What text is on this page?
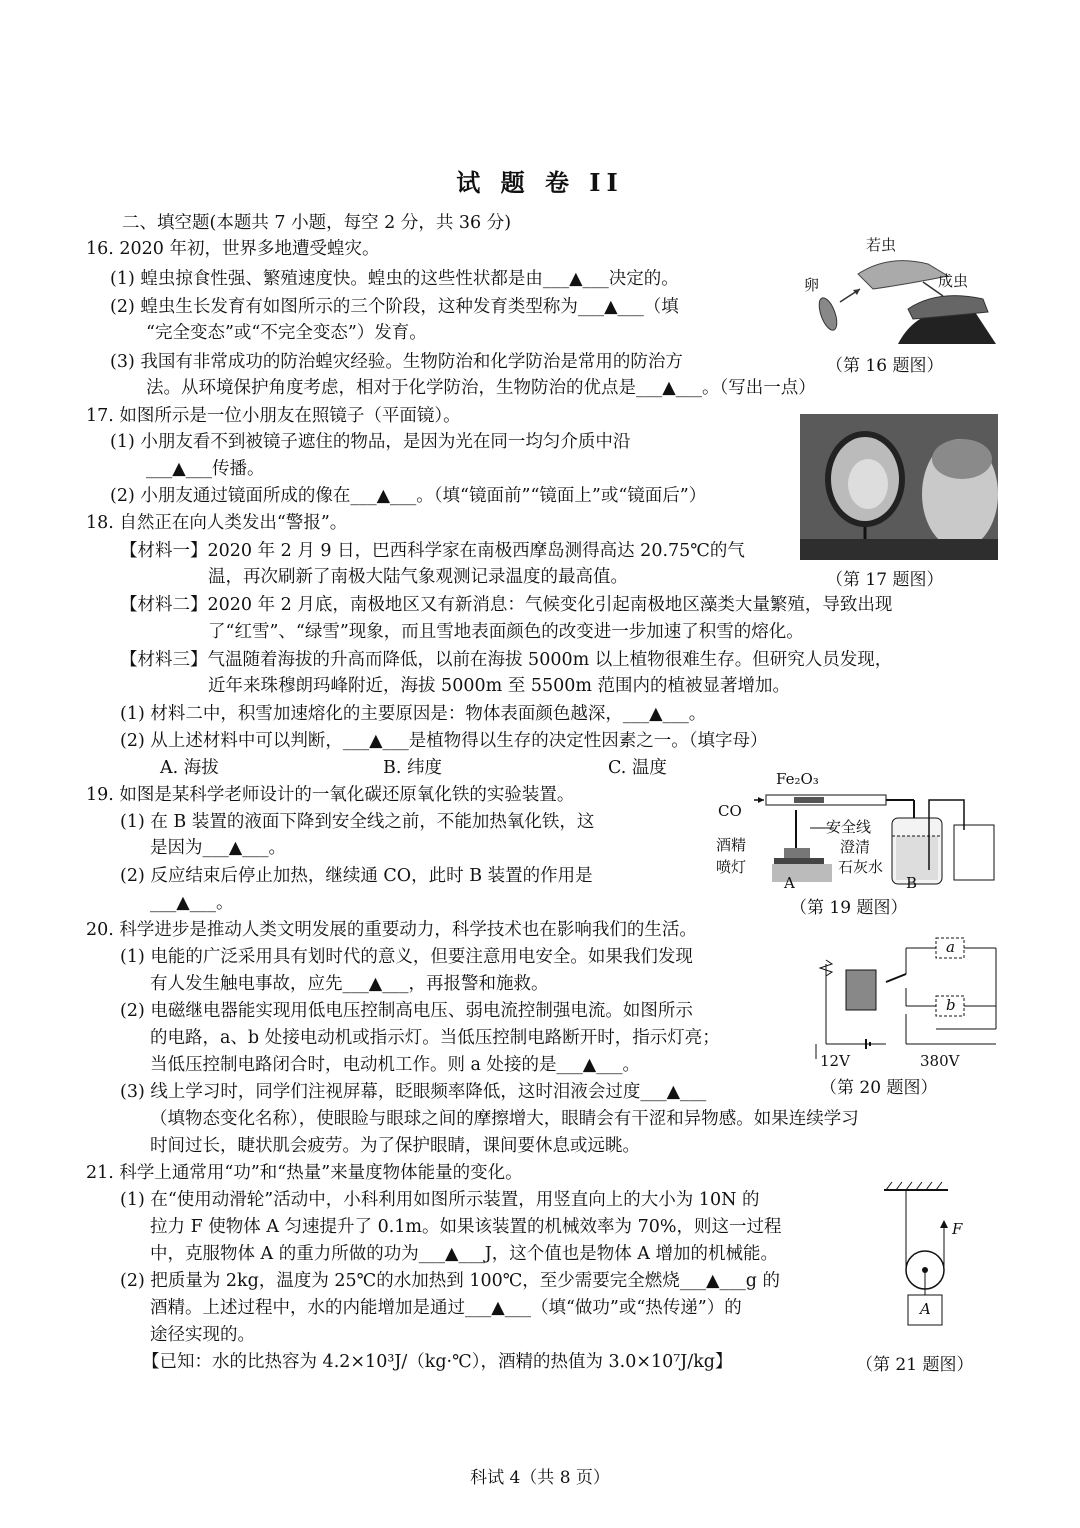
试 题 卷 II
二、填空题(本题共 7 小题，每空 2 分，共 36 分)
16. 2020 年初，世界多地遭受蝗灾。
(1) 蝗虫掠食性强、繁殖速度快。蝗虫的这些性状都是由___▲___决定的。
(2) 蝗虫生长发育有如图所示的三个阶段，这种发育类型称为___▲___（填
“完全变态”或“不完全变态”）发育。
(3) 我国有非常成功的防治蝗灾经验。生物防治和化学防治是常用的防治方
法。从环境保护角度考虑，相对于化学防治，生物防治的优点是___▲___。（写出一点）
17. 如图所示是一位小朋友在照镜子（平面镜）。
(1) 小朋友看不到被镜子遮住的物品，是因为光在同一均匀介质中沿
___▲___传播。
(2) 小朋友通过镜面所成的像在___▲___。（填“镜面前”“镜面上”或“镜面后”）
18. 自然正在向人类发出“警报”。
【材料一】2020 年 2 月 9 日，巴西科学家在南极西摩岛测得高达 20.75℃的气
温，再次刷新了南极大陆气象观测记录温度的最高值。
【材料二】2020 年 2 月底，南极地区又有新消息：气候变化引起南极地区藻类大量繁殖，导致出现
了“红雪”、“绿雪”现象，而且雪地表面颜色的改变进一步加速了积雪的熔化。
【材料三】气温随着海拔的升高而降低，以前在海拔 5000m 以上植物很难生存。但研究人员发现，
近年来珠穆朗玛峰附近，海拔 5000m 至 5500m 范围内的植被显著增加。
(1) 材料二中，积雪加速熔化的主要原因是：物体表面颜色越深，___▲___。
(2) 从上述材料中可以判断，___▲___是植物得以生存的决定性因素之一。（填字母）
A. 海拔	B. 纬度	C. 温度
19. 如图是某科学老师设计的一氧化碳还原氧化铁的实验装置。
(1) 在 B 装置的液面下降到安全线之前，不能加热氧化铁，这
是因为___▲___。
(2) 反应结束后停止加热，继续通 CO，此时 B 装置的作用是
___▲___。
20. 科学进步是推动人类文明发展的重要动力，科学技术也在影响我们的生活。
(1) 电能的广泛采用具有划时代的意义，但要注意用电安全。如果我们发现
有人发生触电事故，应先___▲___，再报警和施救。
(2) 电磁继电器能实现用低电压控制高电压、弱电流控制强电流。如图所示
的电路，a、b 处接电动机或指示灯。当低压控制电路断开时，指示灯亮；
当低压控制电路闭合时，电动机工作。则 a 处接的是___▲___。
(3) 线上学习时，同学们注视屏幕，眨眼频率降低，这时泪液会过度___▲___
（填物态变化名称），使眼睑与眼球之间的摩擦增大，眼睛会有干涩和异物感。如果连续学习
时间过长，睫状肌会疲劳。为了保护眼睛，课间要休息或远眺。
21. 科学上通常用“功”和“热量”来量度物体能量的变化。
(1) 在“使用动滑轮”活动中，小科利用如图所示装置，用竖直向上的大小为 10N 的
拉力 F 使物体 A 匀速提升了 0.1m。如果该装置的机械效率为 70%，则这一过程
中，克服物体 A 的重力所做的功为___▲___J，这个值也是物体 A 增加的机械能。
(2) 把质量为 2kg，温度为 25℃的水加热到 100℃，至少需要完全燃烧___▲___g 的
酒精。上述过程中，水的内能增加是通过___▲___（填“做功”或“热传递”）的
途径实现的。
【已知：水的比热容为 4.2×10³J/（kg·℃），酒精的热值为 3.0×10⁷J/kg】
卵
若虫
成虫
（第 16 题图）
（第 17 题图）
Fe₂O₃
CO
酒精
喷灯
安全线
澄清
石灰水
A	B
（第 19 题图）
a
b
12V	380V
（第 20 题图）
F
A
（第 21 题图）
科试 4（共 8 页）
